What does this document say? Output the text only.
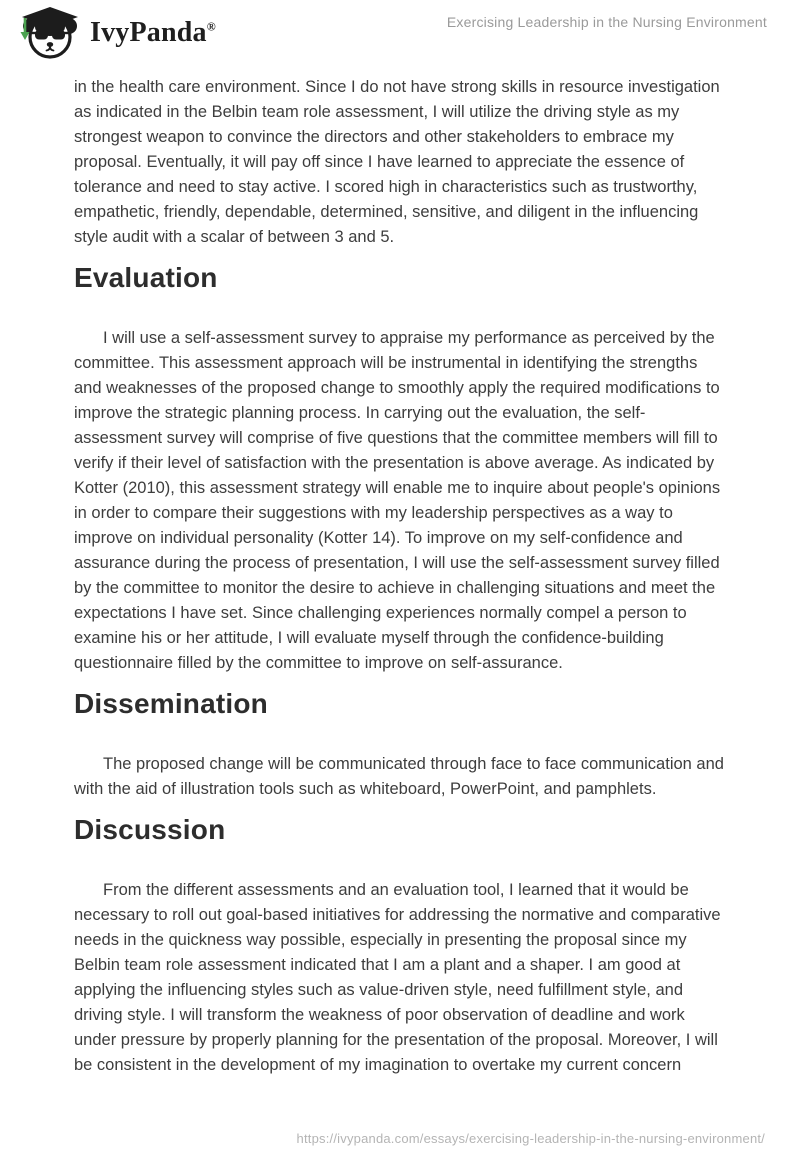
IvyPanda®	Exercising Leadership in the Nursing Environment

in the health care environment. Since I do not have strong skills in resource investigation as indicated in the Belbin team role assessment, I will utilize the driving style as my strongest weapon to convince the directors and other stakeholders to embrace my proposal. Eventually, it will pay off since I have learned to appreciate the essence of tolerance and need to stay active. I scored high in characteristics such as trustworthy, empathetic, friendly, dependable, determined, sensitive, and diligent in the influencing style audit with a scalar of between 3 and 5.

Evaluation

I will use a self-assessment survey to appraise my performance as perceived by the committee. This assessment approach will be instrumental in identifying the strengths and weaknesses of the proposed change to smoothly apply the required modifications to improve the strategic planning process. In carrying out the evaluation, the self-assessment survey will comprise of five questions that the committee members will fill to verify if their level of satisfaction with the presentation is above average. As indicated by Kotter (2010), this assessment strategy will enable me to inquire about people's opinions in order to compare their suggestions with my leadership perspectives as a way to improve on individual personality (Kotter 14). To improve on my self-confidence and assurance during the process of presentation, I will use the self-assessment survey filled by the committee to monitor the desire to achieve in challenging situations and meet the expectations I have set. Since challenging experiences normally compel a person to examine his or her attitude, I will evaluate myself through the confidence-building questionnaire filled by the committee to improve on self-assurance.

Dissemination

The proposed change will be communicated through face to face communication and with the aid of illustration tools such as whiteboard, PowerPoint, and pamphlets.

Discussion

From the different assessments and an evaluation tool, I learned that it would be necessary to roll out goal-based initiatives for addressing the normative and comparative needs in the quickness way possible, especially in presenting the proposal since my Belbin team role assessment indicated that I am a plant and a shaper. I am good at applying the influencing styles such as value-driven style, need fulfillment style, and driving style. I will transform the weakness of poor observation of deadline and work under pressure by properly planning for the presentation of the proposal. Moreover, I will be consistent in the development of my imagination to overtake my current concern

https://ivypanda.com/essays/exercising-leadership-in-the-nursing-environment/
